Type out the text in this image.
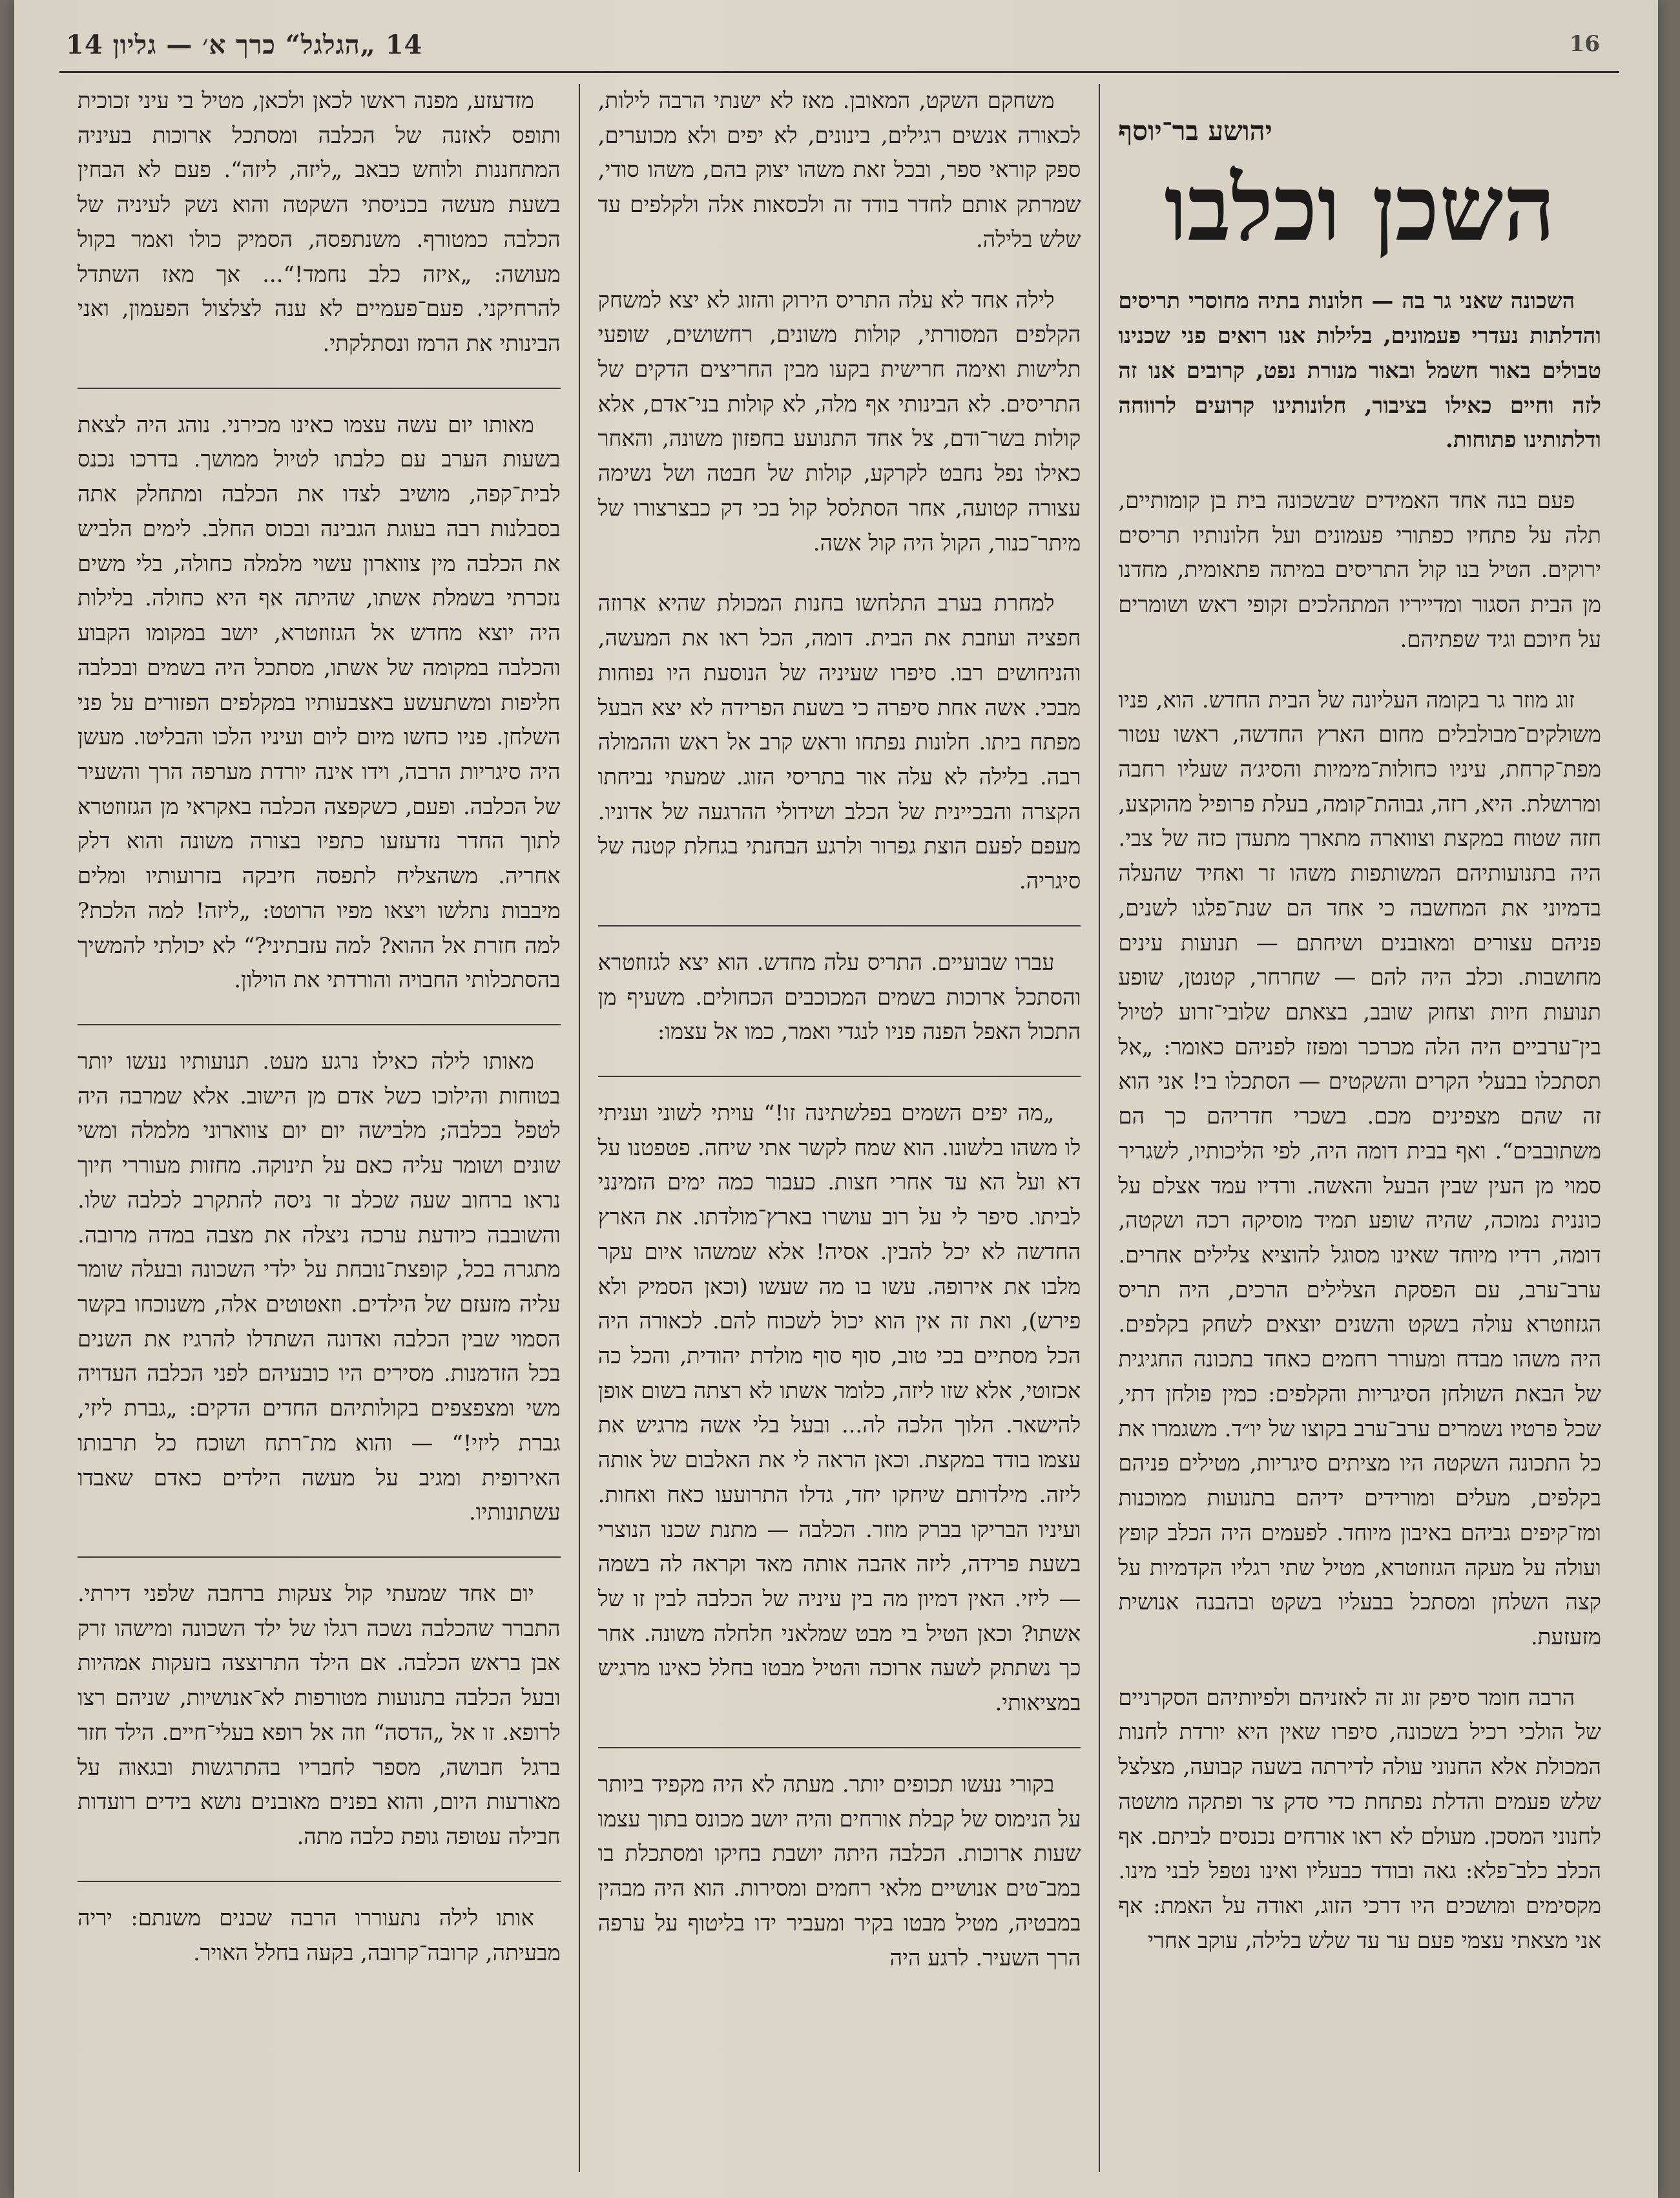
16
14 „הגלגל“ כרך א׳ — גליון 14
יהושע בר־יוסף
השכן וכלבו

השכונה שאני גר בה — חלונות בתיה מחוסרי תריסים והדלתות נעדרי פעמונים, בלילות אנו רואים פני שכנינו טבולים באור חשמל ובאור מנורת נפט, קרובים אנו זה לזה וחיים כאילו בציבור, חלונותינו קרועים לרווחה ודלתותינו פתוחות.

פעם בנה אחד האמידים שבשכונה בית בן קומותיים, תלה על פתחיו כפתורי פעמונים ועל חלונותיו תריסים ירוקים. הטיל בנו קול התריסים במיתה פתאומית, מחדנו מן הבית הסגור ומדייריו המתהלכים זקופי ראש ושומרים על חיוכם וגיד שפתיהם.

זוג מוזר גר בקומה העליונה של הבית החדש. הוא, פניו משולקים־מבולבלים מחום הארץ החדשה, ראשו עטור מפת־קרחת, עיניו כחולות־מימיות והסיג׳ה שעליו רחבה ומרושלת. היא, רזה, גבוהת־קומה, בעלת פרופיל מהוקצע, חזה שטוח במקצת וצווארה מתארך מתעדן כזה של צבי. היה בתנועותיהם המשותפות משהו זר ואחיד שהעלה בדמיוני את המחשבה כי אחד הם שנת־פלגו לשנים, פניהם עצורים ומאובנים ושיחתם — תנועות עינים מחושבות. וכלב היה להם — שחרחר, קטנטן, שופע תנועות חיות וצחוק שובב, בצאתם שלובי־זרוע לטיול בין־ערביים היה הלה מכרכר ומפזז לפניהם כאומר: „אל תסתכלו בבעלי הקרים והשקטים — הסתכלו בי! אני הוא זה שהם מצפינים מכם. בשכרי חדריהם כך הם משתובבים“. ואף בבית דומה היה, לפי הליכותיו, לשגריר סמוי מן העין שבין הבעל והאשה. ורדיו עמד אצלם על כוננית נמוכה, שהיה שופע תמיד מוסיקה רכה ושקטה, דומה, רדיו מיוחד שאינו מסוגל להוציא צלילים אחרים. ערב־ערב, עם הפסקת הצלילים הרכים, היה תריס הגזוזטרא עולה בשקט והשנים יוצאים לשחק בקלפים. היה משהו מבדח ומעורר רחמים כאחד בתכונה החגיגית של הבאת השולחן הסיגריות והקלפים: כמין פולחן דתי, שכל פרטיו נשמרים ערב־ערב בקוצו של יו״ד. משגמרו את כל התכונה השקטה היו מציתים סיגריות, מטילים פניהם בקלפים, מעלים ומורידים ידיהם בתנועות ממוכנות ומז־קיפים גביהם באיבון מיוחד. לפעמים היה הכלב קופץ ועולה על מעקה הגזוזטרא, מטיל שתי רגליו הקדמיות על קצה השלחן ומסתכל בבעליו בשקט ובהבנה אנושית מזעזעת.

הרבה חומר סיפק זוג זה לאזניהם ולפיותיהם הסקרניים של הולכי רכיל בשכונה, סיפרו שאין היא יורדת לחנות המכולת אלא החנוני עולה לדירתה בשעה קבועה, מצלצל שלש פעמים והדלת נפתחת כדי סדק צר ופתקה מושטה לחנוני המסכן. מעולם לא ראו אורחים נכנסים לביתם. אף הכלב כלב־פלא: גאה ובודד כבעליו ואינו נטפל לבני מינו. מקסימים ומושכים היו דרכי הזוג, ואודה על האמת: אף אני מצאתי עצמי פעם ער עד שלש בלילה, עוקב אחרי

משחקם השקט, המאובן. מאז לא ישנתי הרבה לילות, לכאורה אנשים רגילים, בינונים, לא יפים ולא מכוערים, ספק קוראי ספר, ובכל זאת משהו יצוק בהם, משהו סודי, שמרתק אותם לחדר בודד זה ולכסאות אלה ולקלפים עד שלש בלילה.

לילה אחד לא עלה התריס הירוק והזוג לא יצא למשחק הקלפים המסורתי, קולות משונים, רחשושים, שופעי תלישות ואימה חרישית בקעו מבין החריצים הדקים של התריסים. לא הבינותי אף מלה, לא קולות בני־אדם, אלא קולות בשר־ודם, צל אחד התנועע בחפזון משונה, והאחר כאילו נפל נחבט לקרקע, קולות של חבטה ושל נשימה עצורה קטועה, אחר הסתלסל קול בכי דק כבצרצורו של מיתר־כנור, הקול היה קול אשה.

למחרת בערב התלחשו בחנות המכולת שהיא ארוזה חפציה ועוזבת את הבית. דומה, הכל ראו את המעשה, והניחושים רבו. סיפרו שעיניה של הנוסעת היו נפוחות מבכי. אשה אחת סיפרה כי בשעת הפרידה לא יצא הבעל מפתח ביתו. חלונות נפתחו וראש קרב אל ראש וההמולה רבה. בלילה לא עלה אור בתריסי הזוג. שמעתי נביחתו הקצרה והבכיינית של הכלב ושידולי ההרגעה של אדוניו. מעפם לפעם הוצת גפרור ולרגע הבחנתי בגחלת קטנה של סיגריה.

עברו שבועיים. התריס עלה מחדש. הוא יצא לגזוזטרא והסתכל ארוכות בשמים המכוכבים הכחולים. משעיף מן התכול האפל הפנה פניו לנגדי ואמר, כמו אל עצמו:

„מה יפים השמים בפלשתינה זו!“ עויתי לשוני ועניתי לו משהו בלשונו. הוא שמח לקשר אתי שיחה. פטפטנו על דא ועל הא עד אחרי חצות. כעבור כמה ימים הזמינני לביתו. סיפר לי על רוב עושרו בארץ־מולדתו. את הארץ החדשה לא יכל להבין. אסיה! אלא שמשהו איום עקר מלבו את אירופה. עשו בו מה שעשו (וכאן הסמיק ולא פירש), ואת זה אין הוא יכול לשכוח להם. לכאורה היה הכל מסתיים בכי טוב, סוף סוף מולדת יהודית, והכל כה אכזוטי, אלא שזו ליזה, כלומר אשתו לא רצתה בשום אופן להישאר. הלוך הלכה לה... ובעל בלי אשה מרגיש את עצמו בודד במקצת. וכאן הראה לי את האלבום של אותה ליזה. מילדותם שיחקו יחד, גדלו התרועעו כאח ואחות. ועיניו הבריקו בברק מוזר. הכלבה — מתנת שכנו הנוצרי בשעת פרידה, ליזה אהבה אותה מאד וקראה לה בשמה — ליזי. האין דמיון מה בין עיניה של הכלבה לבין זו של אשתו? וכאן הטיל בי מבט שמלאני חלחלה משונה. אחר כך נשתתק לשעה ארוכה והטיל מבטו בחלל כאינו מרגיש במציאותי.

בקורי נעשו תכופים יותר. מעתה לא היה מקפיד ביותר על הנימוס של קבלת אורחים והיה יושב מכונס בתוך עצמו שעות ארוכות. הכלבה היתה יושבת בחיקו ומסתכלת בו במב־טים אנושיים מלאי רחמים ומסירות. הוא היה מבהין במבטיה, מטיל מבטו בקיר ומעביר ידו בליטוף על ערפה הרך השעיר. לרגע היה

מזדעזע, מפנה ראשו לכאן ולכאן, מטיל בי עיני זכוכית ותופס לאזנה של הכלבה ומסתכל ארוכות בעיניה המתחננות ולוחש כבאב „ליזה, ליזה“. פעם לא הבחין בשעת מעשה בכניסתי השקטה והוא נשק לעיניה של הכלבה כמטורף. משנתפסה, הסמיק כולו ואמר בקול מעושה: „איזה כלב נחמד!“... אך מאז השתדל להרחיקני. פעם־פעמיים לא ענה לצלצול הפעמון, ואני הבינותי את הרמז ונסתלקתי.

מאותו יום עשה עצמו כאינו מכירני. נוהג היה לצאת בשעות הערב עם כלבתו לטיול ממושך. בדרכו נכנס לבית־קפה, מושיב לצדו את הכלבה ומתחלק אתה בסבלנות רבה בעוגת הגבינה ובכוס החלב. לימים הלביש את הכלבה מין צווארון עשוי מלמלה כחולה, בלי משים נזכרתי בשמלת אשתו, שהיתה אף היא כחולה. בלילות היה יוצא מחדש אל הגזוזטרא, יושב במקומו הקבוע והכלבה במקומה של אשתו, מסתכל היה בשמים ובכלבה חליפות ומשתעשע באצבעותיו במקלפים הפזורים על פני השלחן. פניו כחשו מיום ליום ועיניו הלכו והבליטו. מעשן היה סיגריות הרבה, וידו אינה יורדת מערפה הרך והשעיר של הכלבה. ופעם, כשקפצה הכלבה באקראי מן הגזוזטרא לתוך החדר נזדעזעו כתפיו בצורה משונה והוא דלק אחריה. משהצליח לתפסה חיבקה בזרועותיו ומלים מיבבות נתלשו ויצאו מפיו הרוטט: „ליזה! למה הלכת? למה חזרת אל ההוא? למה עזבתיני?“ לא יכולתי להמשיך בהסתכלותי החבויה והורדתי את הוילון.

מאותו לילה כאילו נרגע מעט. תנועותיו נעשו יותר בטוחות והילוכו כשל אדם מן הישוב. אלא שמרבה היה לטפל בכלבה; מלבישה יום יום צווארוני מלמלה ומשי שונים ושומר עליה כאם על תינוקה. מחזות מעוררי חיוך נראו ברחוב שעה שכלב זר ניסה להתקרב לכלבה שלו. והשובבה כיודעת ערכה ניצלה את מצבה במדה מרובה. מתגרה בכל, קופצת־נובחת על ילדי השכונה ובעלה שומר עליה מזעזם של הילדים. וזאטוטים אלה, משנוכחו בקשר הסמוי שבין הכלבה ואדונה השתדלו להרגיז את השנים בכל הזדמנות. מסירים היו כובעיהם לפני הכלבה העדויה משי ומצפצפים בקולותיהם החדים הדקים: „גברת ליזי, גברת ליזי!“ — והוא מת־רתח ושוכח כל תרבותו האירופית ומגיב על מעשה הילדים כאדם שאבדו עשתונותיו.

יום אחד שמעתי קול צעקות ברחבה שלפני דירתי. התברר שהכלבה נשכה רגלו של ילד השכונה ומישהו זרק אבן בראש הכלבה. אם הילד התרוצצה בזעקות אמהיות ובעל הכלבה בתנועות מטורפות לא־אנושיות, שניהם רצו לרופא. זו אל „הדסה“ וזה אל רופא בעלי־חיים. הילד חזר ברגל חבושה, מספר לחבריו בהתרגשות ובגאוה על מאורעות היום, והוא בפנים מאובנים נושא בידים רועדות חבילה עטופה גופת כלבה מתה.

אותו לילה נתעוררו הרבה שכנים משנתם: יריה מבעיתה, קרובה־קרובה, בקעה בחלל האויר.
